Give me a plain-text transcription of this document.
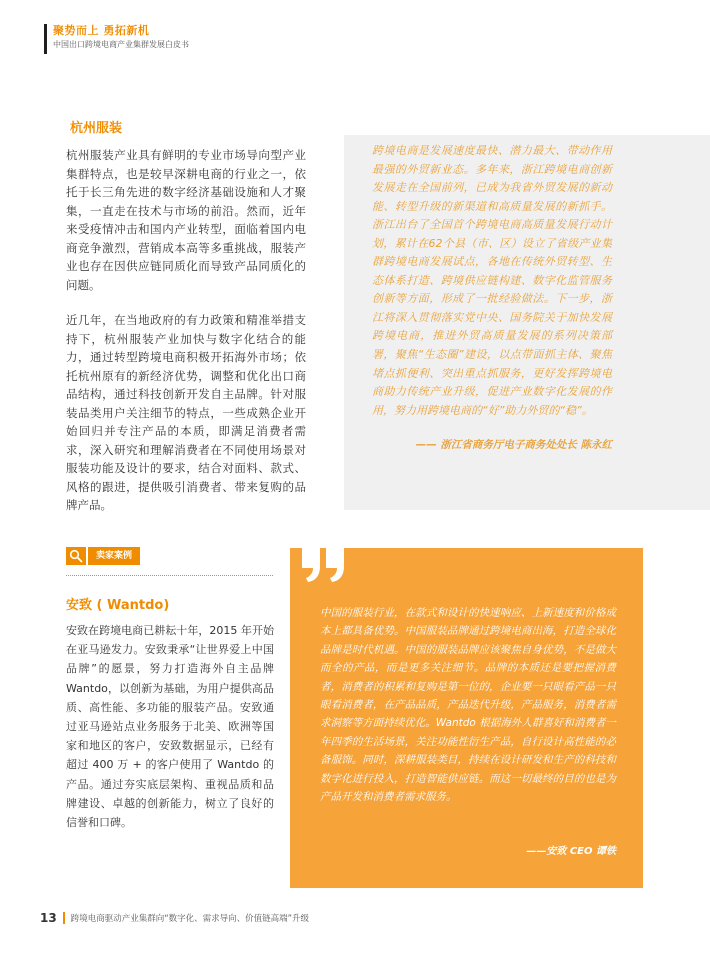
聚势而上 勇拓新机
中国出口跨境电商产业集群发展白皮书
跨境电商是发展速度最快、潜力最大、带动作用最强的外贸新业态。多年来，浙江跨境电商创新发展走在全国前列，已成为我省外贸发展的新动能、转型升级的新渠道和高质量发展的新抓手。浙江出台了全国首个跨境电商高质量发展行动计划，累计在62个县（市、区）设立了省级产业集群跨境电商发展试点，各地在传统外贸转型、生态体系打造、跨境供应链构建、数字化监管服务创新等方面，形成了一批经验做法。下一步，浙江将深入贯彻落实党中央、国务院关于加快发展跨境电商，推进外贸高质量发展的系列决策部署，聚焦“生态圈”建设，以点带面抓主体、聚焦堵点抓便利、突出重点抓服务，更好发挥跨境电商助力传统产业升级，促进产业数字化发展的作用，努力用跨境电商的“好”助力外贸的“稳”。
—— 浙江省商务厅电子商务处处长 陈永红
杭州服装

杭州服装产业具有鲜明的专业市场导向型产业集群特点，也是较早深耕电商的行业之一，依托于长三角先进的数字经济基础设施和人才聚集，一直走在技术与市场的前沿。然而，近年来受疫情冲击和国内产业转型，面临着国内电商竞争激烈，营销成本高等多重挑战，服装产业也存在因供应链同质化而导致产品同质化的问题。

近几年，在当地政府的有力政策和精准举措支持下，杭州服装产业加快与数字化结合的能力，通过转型跨境电商积极开拓海外市场；依托杭州原有的新经济优势，调整和优化出口商品结构，通过科技创新开发自主品牌。针对服装品类用户关注细节的特点，一些成熟企业开始回归并专注产品的本质，即满足消费者需求，深入研究和理解消费者在不同使用场景对服装功能及设计的要求，结合对面料、款式、风格的跟进，提供吸引消费者、带来复购的品牌产品。

卖家案例
安致 ( Wantdo)

安致在跨境电商已耕耘十年，2015 年开始在亚马逊发力。安致秉承“让世界爱上中国品牌”的愿景，努力打造海外自主品牌 Wantdo，以创新为基础，为用户提供高品质、高性能、多功能的服装产品。安致通过亚马逊站点业务服务于北美、欧洲等国家和地区的客户，安致数据显示，已经有超过 400 万 + 的客户使用了 Wantdo 的产品。通过夯实底层架构、重视品质和品牌建设、卓越的创新能力，树立了良好的信誉和口碑。

中国的服装行业，在款式和设计的快速响应、上新速度和价格成本上都具备优势。中国服装品牌通过跨境电商出海，打造全球化品牌是时代机遇。中国的服装品牌应该聚焦自身优势，不是做大而全的产品，而是更多关注细节。品牌的本质还是要把握消费者，消费者的积累和复购是第一位的，企业要一只眼看产品一只眼看消费者，在产品品质，产品迭代升级，产品服务，消费者需求洞察等方面持续优化。Wantdo 根据海外人群喜好和消费者一年四季的生活场景，关注功能性衍生产品，自行设计高性能的必备服饰。同时，深耕服装类目，持续在设计研发和生产的科技和数字化进行投入，打造智能供应链。而这一切最终的目的也是为产品开发和消费者需求服务。
——安致 CEO 谭铁
13 跨境电商驱动产业集群向“数字化、需求导向、价值链高端”升级
